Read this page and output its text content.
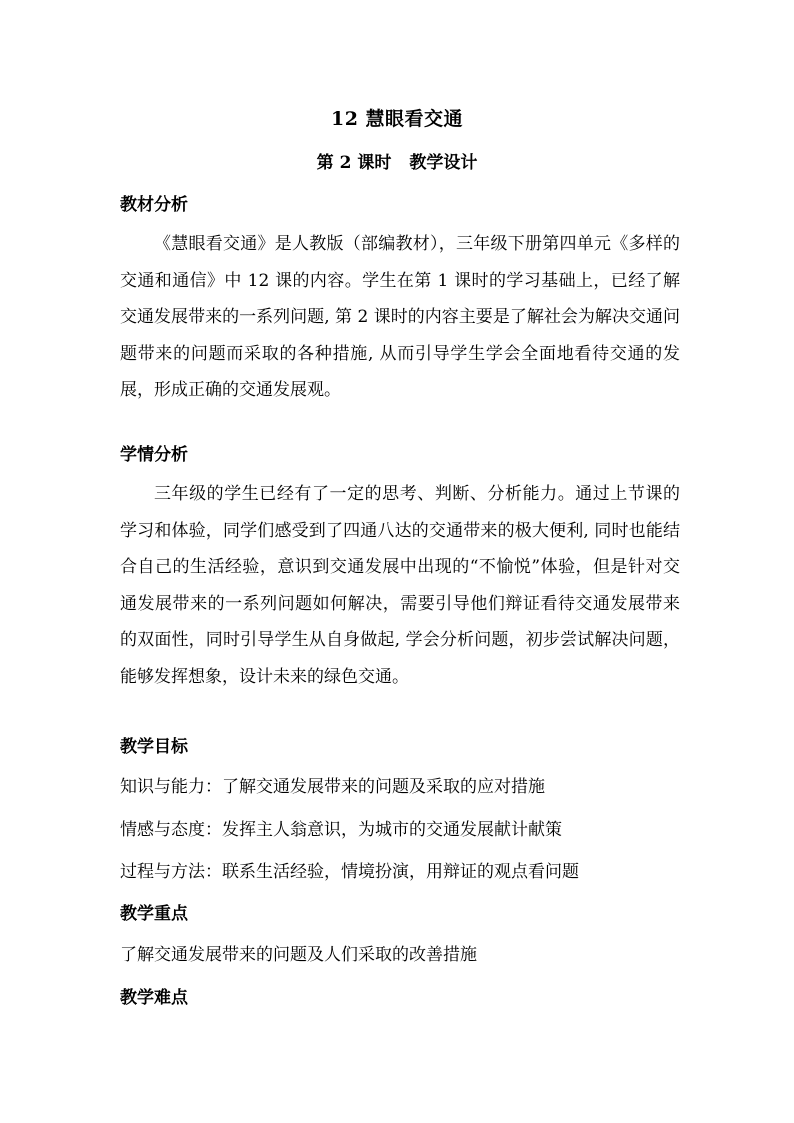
12 慧眼看交通
第 2 课时 教学设计
教材分析

《慧眼看交通》是人教版（部编教材），三年级下册第四单元《多样的交通和通信》中 12 课的内容。学生在第 1 课时的学习基础上，已经了解交通发展带来的一系列问题, 第 2 课时的内容主要是了解社会为解决交通问题带来的问题而采取的各种措施, 从而引导学生学会全面地看待交通的发展，形成正确的交通发展观。

学情分析

三年级的学生已经有了一定的思考、判断、分析能力。通过上节课的学习和体验，同学们感受到了四通八达的交通带来的极大便利, 同时也能结合自己的生活经验，意识到交通发展中出现的“不愉悦”体验，但是针对交通发展带来的一系列问题如何解决，需要引导他们辩证看待交通发展带来的双面性，同时引导学生从自身做起, 学会分析问题，初步尝试解决问题，能够发挥想象，设计未来的绿色交通。

教学目标
知识与能力：了解交通发展带来的问题及采取的应对措施
情感与态度：发挥主人翁意识，为城市的交通发展献计献策
过程与方法：联系生活经验，情境扮演，用辩证的观点看问题
教学重点
了解交通发展带来的问题及人们采取的改善措施
教学难点
